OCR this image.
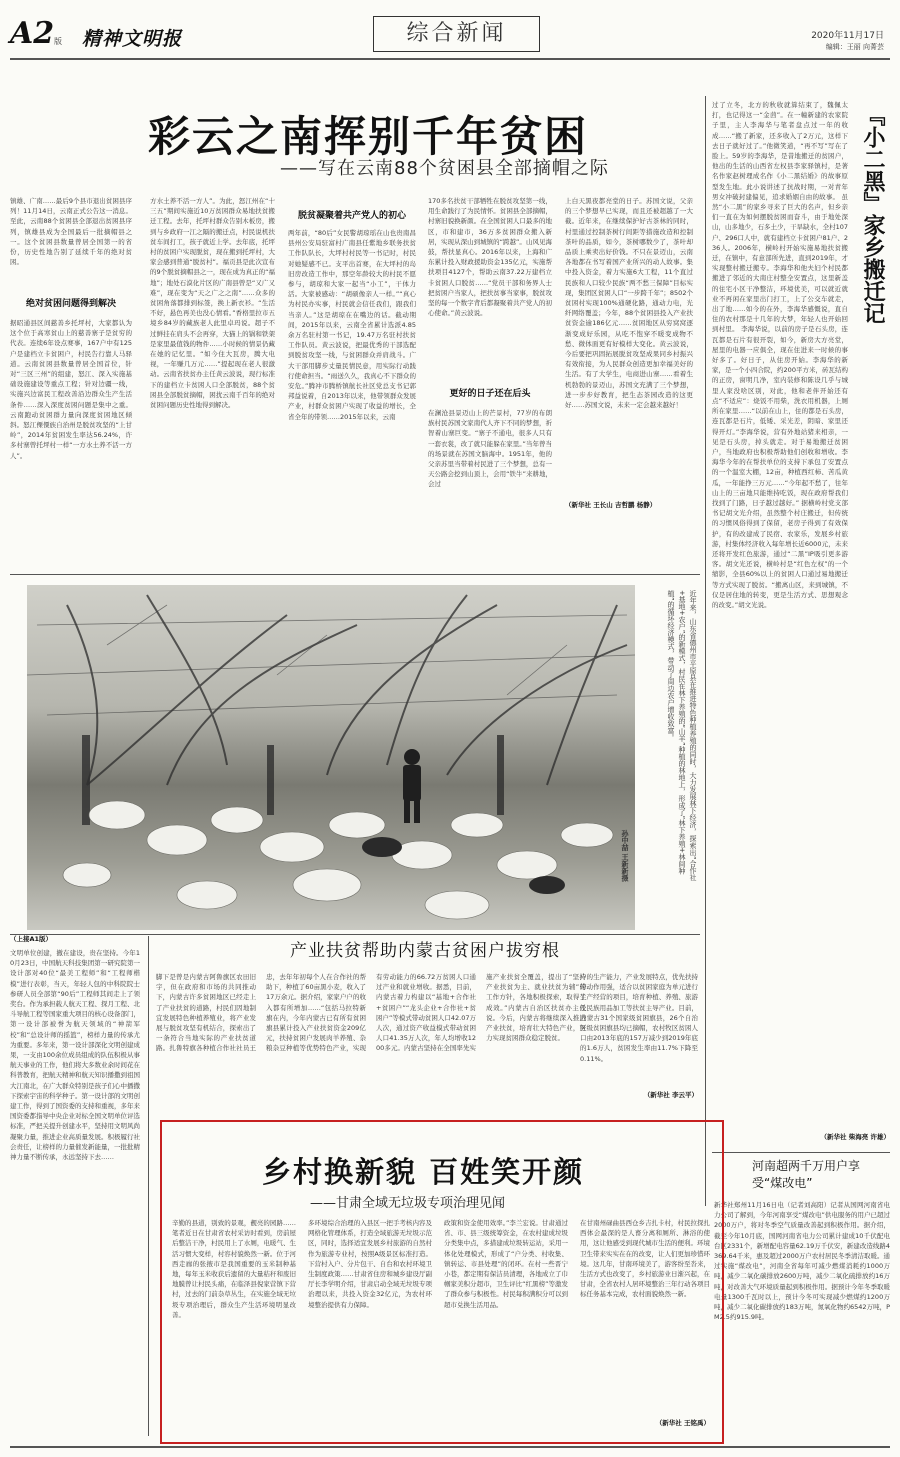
A2 版 精神文明报	综合新闻	2020年11月17日
编辑：王丽 向菁芸
彩云之南挥别千年贫困
——写在云南88个贫困县全部摘帽之际
镇雄、广南……最后9个县市退出贫困县序列！11月14日，云南正式公告这一消息。至此，云南88个贫困县全部退出贫困县序列，镇雄县成为全国最后一批摘帽县之一。这个贫困县数量曾居全国第一的省份，历史性地告别了延续千年的绝对贫困。
绝对贫困问题得到解决
据昭通县区间慈善乡托坪村，大家都认为这个位于高寒贫山上的慈善寨子是贫穷的代表。连续6年设点赛事，167户中有125户是建档立卡贫困户，村民告行靠人马驿道。云南贫困县数量曾居全国首位，针对“三区三州”的组建，怒江、深入实施基础设施建设等重点工程；针对边疆一线，实施兴边富民工程改善沿边群众生产生活条件……深入深度贫困问题是集中之重。云南跑动贫困群力量向深度贫困地区倾斜。怒江傈僳族自治州是脱贫攻坚的“上甘岭”，2014年贫困发生率达56.24%，许多村寨曾托坪村一样“一方水土养不活一方人”。
方水土养不活一方人”。为此，怒江州在“十三五”期间实施近10万贫困群众易地扶贫搬迁工程。去年，托坪村群众告别木板房，搬到与乡政府一江之隔的搬迁点，村民说机扶贫车间打工，孩子就近上学。去年底，托坪村的贫困户实现脱贫，现在搬到托坪村，大家会感到普通“脱贫村”。福贡县是此次宣布的9个脱贫摘帽县之一，现在成为真正的“福地”；地处石漠化片区的广南县曾是“又广又难”，现在变为“天之广之之南”……众多的贫困角落都排到标签，换上新衣衫。“生活不好，悬色再美也没心情看。”香格里拉市五境乡84岁的藏族老人此里卓玛说。超子不过鲜挂在肩头不会再穿，大猫上的锅和铁架是家里最值钱的物件……小时候的情景仍藏在她的记忆里。“如今住大瓦房，腾大电视，一年赚几万元……”提起现在老人很激动。云南省扶贫办主任黄云波说，现行标准下的建档立卡贫困人口全部脱贫，88个贫困县全部脱贫摘帽，困扰云南千百年的绝对贫困问题历史性地得到解决。
脱贫凝聚着共产党人的初心
两年前，“80后”女民警胡琼瑶在山也贵南昌县州公安局驻富村广南县任紫地乡联务扶贫工作队队长，大坪村村民等一书记时，村民对她疑感不已。支平出首赛，在大坪村的岛旧房改造工作中，那空年龄较大的村民不愿参与，胡琼和大家一起当“小工”，干体力活。大家被感动：“胡硕像亲人一样。”“真心为村民办实事，村民就会信任我们，跟我们当亲人。”这是胡琼在在嘴边的话。截动期间，2015年以来，云南全省累计选派4.85余万名驻村第一书记，19.47万名驻村扶贫工作队员。黄云波说，把最优秀的干部选配到脱贫攻坚一线，与贫困群众并肩战斗。广大干部用脚步丈量民情民意，用实际行动践行使命担当。“雨送久久，我真心不下群众的安危。”腾冲市腾桥镇航长社区党总支书记郭邦益说着，自2013年以来，他带领群众发展产业，村群众贫困户实现了收益的增长，全省全年的带领……2015年以来，云南
170多名扶贫干部牺牲在脱贫攻坚第一线，用生命践行了为民情怀。贫困县全部摘帽，村寨旧貌换新颜。在全国贫困人口最多的地区，市和建市，36万多贫困群众搬入新居，实现从深山到城镇的“跨越”。山风见海鼓，帮扶显真心。2016年以来，上海和广东累计投入财政援助资金135亿元，实施帮扶项目4127个，帮助云南37.22万建档立卡贫困人口脱贫……“党员干部和务界人士把贫困户当家人，把扶贫事当家事，脱贫攻坚的每一个数字背后都凝聚着共产党人的初心使命。”黄云波说。
更好的日子还在后头
在澜沧县景迈山上的芒景村，77岁的布朗族村民苏国文家南代人齐下不同的梦想，祈智着山寨巨变。“寨子不通电，很多人只有一套衣裳，改了就只能躲在家里。”当年曾当的场景就在苏国文脑海中。1951年，他的父亲苏里当带着村民进了三个梦想，总有一天公路会挖到山顶上，会用“铁牛”来耕地，会过
上白天黑夜都亮堂的日子。苏国文说，父亲的三个梦想早已实现，而且还被超越了一大截。近年来，在继续保护好古茶林的同时，村里通过控制茶树行间距等措施改造和控制茶叶的品质，如今，茶树哪数少了，茶叶却品质上乘卖出好价钱。不只在景迈山，云南各地都在书写着国产业所兴的动人故事。集中投入资金，着力实施6大工程，11个直过民族和人口较少民族“两不愁三保障”目标实现，集团区贫困人口“一步跨千年”；8502个贫困村实现100%通硬化路，通动力电，光纤网络覆盖；今年，88个贫困县投入产业扶贫资金逾186亿元……贫困地区从穷窝窝逐渐变成好乐园，从吃不饱穿不暖变成物不愁、微体面更有好模样大变化。黄云波说，今后要把巩固拓展脱贫攻坚成果同乡村振兴有效衔接，为人民群众创造更加幸福美好的生活。有了大学生，电商进山寨……看着生机勃勃的景迈山，苏国文充满了三个梦想，进一步步好教育，把生态茶园改造的这更好……苏国文说，未来一定会越来越好！
（新华社 王长山 吉哲鹏 杨静）
过了立冬，北方的秋收就算结束了，魏佩太打，也记得这一“金茴”。在一幢新建的农家院子里，主人李海华与笔者盘点过一年的收成……“搬了新家，还多收入了2万元，这样下去日子就好过了。”他微笑道，“再不写”写在了脸上。59岁的李海华，是昔地搬迁的贫困户，他出的生活的山西省左权县李家驿镇村，是著名作家赵树理成名作《小二黑结婚》的故事原型发生地。此小说讲述了抗战时期，一对青年男女冲破封建偏见，追求婚姻自由的故事。 虽然“小二黑”的家乡寻来了巨大的名声，但乡亲们一直在为如何摆脱贫困而奋斗，由于地处深山，山多地少，石多土少，干旱缺水，全村107户、296口人中，就有建档立卡贫困户81户、236人。2006年，横岭村开始实施易地扶贫搬迁，在镇中，有意部所先进，直到2019年，才实现整村搬迁搬专。李海华和他夫妇个村民都搬进了邻近的大南庄村整全安置点，这里新盖的住宅小区干净整洁，环境优美，可以就近就业不再闲在家里出门打工，上了公交车就走，出了地……如今的在外，李海华感慨说，直自住的农村那是十几年的大梦，年轻人也开始回到村里。 李海华说，以前的房子是石头房，连瓦都是石片有很开裂，如今，新房大方亮堂，屋里的电器一应俱全，现在住进来一时候的事好多了。好日子，从住房开始。李海华的新家，是一个小四合院，约200平方米，砖瓦结构的正房，窗明几净，室内装修和陈设几乎与城里人家没啥区别，对此，他和老伴开始还有点“不适应”：烧饭不用柴，洗衣用机器，上厕所在家里……“以前在山上，住的都是石头房，连瓦都是石片，低矮、采光差，阴暗、家里还得开灯。”李海华说，营有外地站猪来相亲，一见是石头房，掉头就走。对于易地搬迁贫困户，当地政府也积极帮助他们创收和增收。李海华今年的在帮扶单位的支持下承包了安置点的一个温室大棚，12亩，种植西红柿、苦瓜黄瓜，一年能挣三万元……“今年起不愁了，往年山上的三亩地只能维持吃饭，现在政府帮我们找到了门路，日子越过越好。” 据横岭村党支部书记胡文光介绍，虽然整个村庄搬迁，但传统的习惯风俗得到了保留，老房子得到了有效保护，有的改建成了民宿、农家乐，发展乡村旅游，村集体经济收入每年增长近6000元，未来还将开发红色旅游，通过“二黑”IP吸引更多游客。胡文光还说，横岭村是“红色左权”的一个缩影，全县60%以上的贫困人口通过易地搬迁等方式实现了脱贫。“搬离山区，来到城镇，不仅是居住地的转变，更是生活方式、思想观念的改变。”胡文光说。
（新华社 柴海亮 许雄）
『小二黑』家乡搬迁记
河南超两千万用户享受“煤改电”
新华社郑州11月16日电（记者刘高阳）记者从国网河南省电力公司了解到，今年河南享受“煤改电”供电服务的用户已超过2000万户，将对冬季空气质量改善起到积极作用。据介绍，截至今年10月底，国网河南省电力公司累计建成10千伏配电台区2331个，新增配电容量62.19万千伏安，新建改造线路4369.64千米，惠及超过2000万户农村居民冬季清洁取暖。通过实施“煤改电”，河南全省每年可减少燃煤消耗约1000万吨，减少二氧化碳排放2600万吨，减少二氧化硫排放约16万吨，对改善大气环境质量起到积极作用。据预计今年冬季取暖电量1300千瓦时以上，预计今冬可实现减少燃煤约1200万吨，减少二氧化碳排放约183万吨，氮氧化物约6542万吨，PM2.5约915.9吨。
近年来，山东省德州市平原县在推进特色种植养殖的同时，大力发展林下经济，探索出“合作社+基地+农户”的新模式，村民在林下养殖的“山羊”种植的林地上，形成了“林下养殖+林间种植”的循环经济模式，带动了周边农户增收致富。
孙中喆 王新新摄
（上接A1版）
文明单位创建，撤在建设，贵在坚持。今年10月23日，中国航天科技集团第一研究院第一设计部对40位“最美工程师”和“工程师楷模”进行表彰，当天，年轻人包的中科院院士参研人员全部第“90后”工程师其间走上了领奖台。作为承担载人航天工程、探月工程、北斗导航工程等国家重大项目的核心设备部门，第一设计部被誉为航天领域的“神箭军校”和“总设计师的摇篮”，榜样力量的传承尤为重要。多年来，第一设计部深化文明创建成果，一支由100余位成员组成的队伍积极从事航天事业的工作，他们将大多数业余时间花在科普教育，把航天精神和航天知识播撒到祖国大江南北，在广大群众特别是孩子们心中播撒下探索宇宙的科学种子。第一设计部的文明创建工作，得到了国资委的支持和重视，多年来国资委都指导中央企业对标全国文明单位评选标准，严把关提升创建水平，坚持用文明风尚凝聚力量，推进企业高质量发展。积极履行社会责任，让榜样的力量催发新能量，一批批精神力量不断传承，永远坚持下去……
产业扶贫帮助内蒙古贫困户拔穷根
脚下是曾是内蒙古阿鲁旗区农田旧宇，但在政府和市场的共同推动下，内蒙古许多贫困地区已经走上了产业扶贫的道路，村民们因地制宜发展特色种植养殖业，将产业发展与脱贫攻坚有机结合，探索出了一条符合当地实际的产业扶贫道路。扎鲁特旗各种植合作社社员王忠，去年年初每个人在合作社的帮助下，种植了60亩黑小麦，收入了17万余元。据介绍，家家户户的收入都有所增加……“包括马拉特新旗在内，今年内蒙古已有所有贫困旗县累计投入产业扶贫资金209亿元，扶持贫困户发展肉羊养殖、杂粮杂豆种植等优势特色产业，实现有劳动能力的66.72万贫困人口通过产业和就业增收。据悉，目前，内蒙古着力构建以“基地+合作社+贫困户”“龙头企业+合作社+贫困户”等模式带动贫困人口42.07万人次，通过资产收益模式带动贫困人口41.35万人次，年人均增收1200多元。内蒙古坚持在全国率先实施产业扶贫全覆盖，提出了“坚持产业扶贫为主、就业扶贫为辅”的工作方针，各地积极探索，取得了成效。”内蒙古自治区扶贫办主任说。今后，内蒙古将继续深入推进产业扶贫，培育壮大特色产业，努力实现贫困群众稳定脱贫。
户的生产能力，产业发展特点，优先扶持带动作用强，适合以贫困家庭为单元进行生产经营的项目，培育种植、养殖、旅游及民族用品加工等扶贫主导产业。目前，内蒙古31个国家级贫困旗县，26个自治区级贫困旗县均已摘帽，农村牧区贫困人口由2013年底的157万减少到2019年底的1.6万人，贫困发生率由11.7%下降至0.11%。
（新华社 李云平）
乡村换新貌 百姓笑开颜
——甘肃全域无垃圾专项治理见闻
辛勤的县道，别致的景观，靓亮的园路……笔者近日在甘肃省农村采访时看到，房前屋后整洁干净，村民用上了水厕，电暖气、生活习惯大变样，村容村貌焕然一新。位于河西走廊的张掖市是我国重要的玉米制种基地，每年玉米收获后遗留的大量秸秆和废旧地膜曾让村民头痛，在临泽县倪家营镇下营村，过去的门前杂草丛生，在实施全域无垃圾专项治理后，群众生产生活环境明显改善。
多环境综合治理的入县区一把手考核内容及网格化管理体系，打造全域旅游无垃圾示范区，同时，选择适宜发展乡村旅游的自然村作为旅游专业村，按照A级景区标准打造。下营村入户、分片包干、自台和农村环境卫生制度政策……甘肃省住房和城乡建设厅副厅长李学明介绍，甘肃启动全域无垃圾专项治理以来，共投入资金32亿元，为农村环境整治提供有力保障。
政策和资金使用效率。”李兰宏说。甘肃通过省、市、县三级统筹资金，在农村建成垃圾分类集中点，多措建成垃圾转运站，采用一体化处理模式，形成了“户分类、村收集、镇转运、市县处理”的闭环。在村一些晋宁小巷，都定期有保洁员清理，各地成立了巾帼家美积分超市，卫生评比“红黑榜”等激发了群众参与积极性。村民每积满积分可以到超市兑换生活用品。
在甘南州碌曲县西仓乡吉扎卡村，村民拉探扎西体会最深的是人畜分离和厕所、淋浴的使用，这让他感受到现代城市生活的便利。环境卫生带来实实在在的改变，让人们更加珍惜环境。这几年，甘南环境美了，游客纷至沓来，生活方式也改变了，乡村旅游业日渐兴起，在甘肃，全省农村人居环境整治三年行动各项目标任务基本完成，农村面貌焕然一新。
（新华社 王铭禹）
